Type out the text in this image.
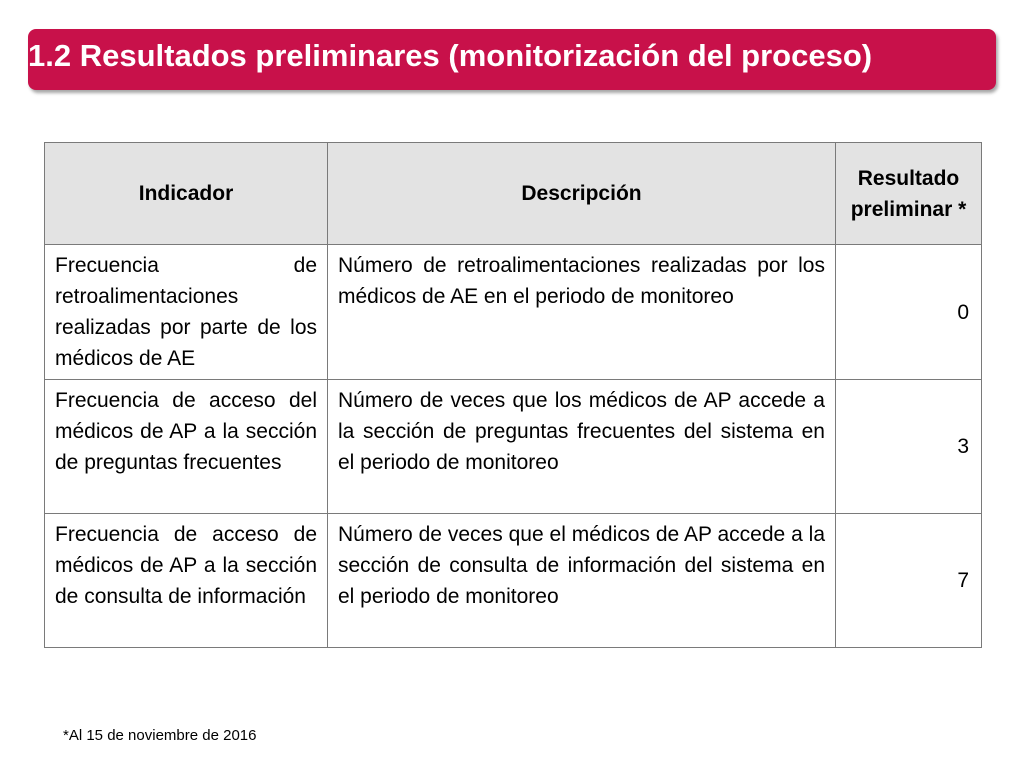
1.2 Resultados preliminares (monitorización del proceso)
Indicador	Descripción	Resultado preliminar *
Frecuencia de retroalimentaciones realizadas por parte de los médicos de AE	Número de retroalimentaciones realizadas por los médicos de AE en el periodo de monitoreo	0
Frecuencia de acceso del médicos de AP a la sección de preguntas frecuentes	Número de veces que los médicos de AP accede a la sección de preguntas frecuentes del sistema en el periodo de monitoreo	3
Frecuencia de acceso de médicos de AP a la sección de consulta de información	Número de veces que el médicos de AP accede a la sección de consulta de información del sistema en el periodo de monitoreo	7
*Al 15 de noviembre de 2016
